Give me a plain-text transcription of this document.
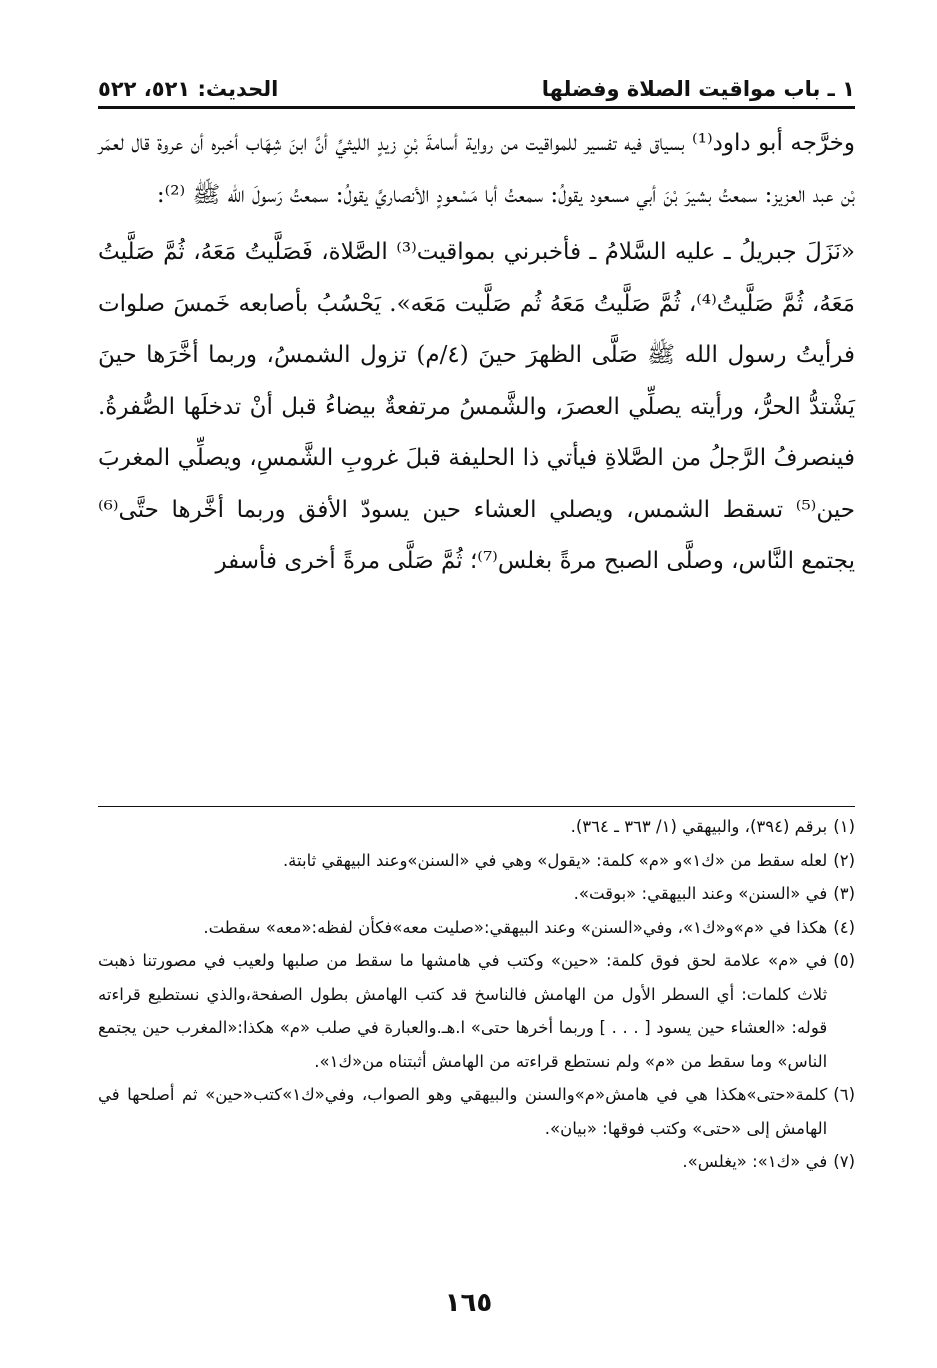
١ ـ باب مواقيت الصلاة وفضلها
الحديث: ٥٢١، ٥٢٢

وخرَّجه أبو داود⁽¹⁾ بسياق فيه تفسير للمواقيت من رواية أسامةَ بْنِ زيدٍ الليثيِّ أنَّ ابنَ شِهَاب أخبره أن عروة قال لعمَر بْن عبد العزيز: سمعتُ بشيرَ بْنَ أبي مسعود يقولُ: سمعتُ أبا مَسْعودٍ الأنصاريَّ يقولُ: سمعتُ رَسولَ الله ﷺ ⁽²⁾:

«نَزَلَ جبريلُ ـ عليه السَّلامُ ـ فأخبرني بمواقيت⁽³⁾ الصَّلاة، فَصَلَّيتُ مَعَهُ، ثُمَّ صَلَّيتُ مَعَهُ، ثُمَّ صَلَّيتُ⁽⁴⁾، ثُمَّ صَلَّيتُ مَعَهُ ثُم صَلَّيت مَعَه». يَحْسُبُ بأصابعه خَمسَ صلوات فرأيتُ رسول الله ﷺ صَلَّى الظهرَ حينَ (٤/م) تزول الشمسُ، وربما أخَّرَها حينَ يَشْتدُّ الحرُّ، ورأيته يصلِّي العصرَ، والشَّمسُ مرتفعةٌ بيضاءُ قبل أنْ تدخلَها الصُّفرةُ. فينصرفُ الرَّجلُ من الصَّلاةِ فيأتي ذا الحليفة قبلَ غروبِ الشَّمسِ، ويصلِّي المغربَ حين⁽⁵⁾ تسقط الشمس، ويصلي العشاء حين يسودّ الأفق وربما أخَّرها حتَّى⁽⁶⁾ يجتمع النَّاس، وصلَّى الصبح مرةً بغلس⁽⁷⁾؛ ثُمَّ صَلَّى مرةً أخرى فأسفر

(١)
برقم (٣٩٤)، والبيهقي (١/ ٣٦٣ ـ ٣٦٤).
(٢)
لعله سقط من «ك١»و «م» كلمة: «يقول» وهي في «السنن»وعند البيهقي ثابتة.
(٣)
في «السنن» وعند البيهقي: «بوقت».
(٤)
هكذا في «م»و«ك١»، وفي«السنن» وعند البيهقي:«صليت معه»فكأن لفظه:«معه» سقطت.
(٥)
في «م» علامة لحق فوق كلمة: «حين» وكتب في هامشها ما سقط من صلبها ولعيب في مصورتنا ذهبت ثلاث كلمات: أي السطر الأول من الهامش فالناسخ قد كتب الهامش بطول الصفحة،والذي نستطيع قراءته قوله: «العشاء حين يسود [ . . . ] وربما أخرها حتى» ا.هـ.والعبارة في صلب «م» هكذا:«المغرب حين يجتمع الناس» وما سقط من «م» ولم نستطع قراءته من الهامش أثبتناه من«ك١».
(٦)
كلمة«حتى»هكذا هي في هامش«م»والسنن والبيهقي وهو الصواب، وفي«ك١»كتب«حين» ثم أصلحها في الهامش إلى «حتى» وكتب فوقها: «بيان».
(٧)
في «ك١»: «يغلس».
١٦٥
